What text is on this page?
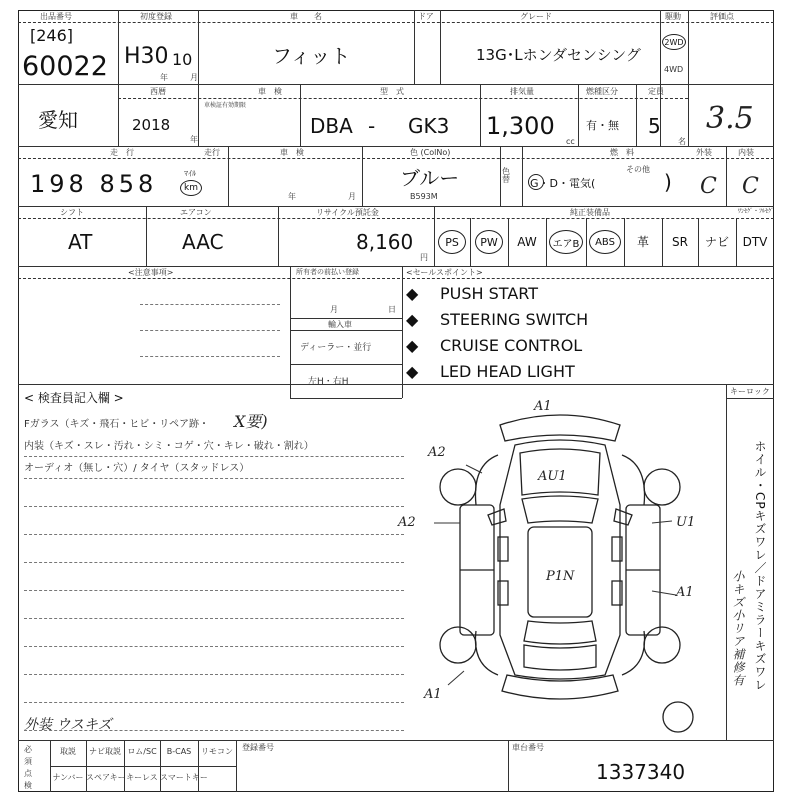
出品番号
[246]
60022
初度登録
H30 10
年	月
車　　名
フィット
ドア	グレード
13G･Lホンダセンシング
駆動
2WD
4WD
評価点
3.5
愛知
西暦
2018
車　検
車検証有効期限
年
型　式
DBA - GK3
排気量
1,300
cc
燃種区分
有・無
定員
5
名
走　行
198 858	ﾏｲﾙ
km
走行	車　検
年	月
色 (ColNo)
ブルー
B593M
色替
燃　料
G・D・電気(
その他
)
外装
C
内装
C
シフト
AT
エアコン
AAC
リサイクル預託金
8,160
円
純正装備品	ﾜﾝｾｸﾞ・ﾌﾙｾｸﾞ
PS	PW	AW	エアB	ABS	革	SR	ナビ	DTV
<注意事項>	所有者の前払い登録
月	日
輸入車
ディーラー・並行
左H・右H
<セールスポイント>
◆ PUSH START
◆ STEERING SWITCH
◆ CRUISE CONTROL
◆ LED HEAD LIGHT
< 検査員記入欄 >
Fガラス（キズ・飛石・ヒビ・リペア跡・ X要)
内装（キズ・スレ・汚れ・シミ・コゲ・穴・キレ・破れ・割れ）
オーディオ（無し・穴）/ タイヤ（スタッドレス）
外装 ウスキズ
キーロック
ホイル・CPキズワレ／ドアミラーキズワレ
小キズ小リア補修有
A1
A2
AU1
A2	U1
P1N
A1
A1
必須点検
取説	ナビ取説 ロム/SC	B-CAS	リモコン
ナンバー スペアキー キーレス スマートキー
登録番号	車台番号
1337340
